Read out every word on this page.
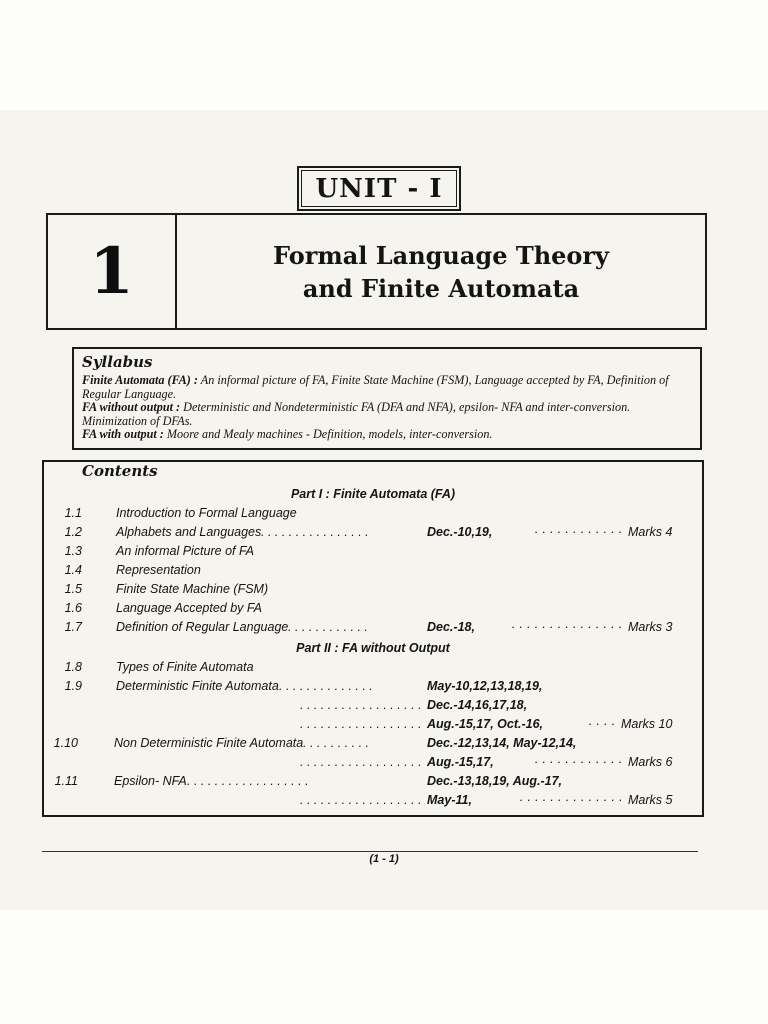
UNIT - I
1	Formal Language Theory
and Finite Automata
Syllabus
Finite Automata (FA) : An informal picture of FA, Finite State Machine (FSM), Language accepted by FA, Definition of Regular Language.
FA without output : Deterministic and Nondeterministic FA (DFA and NFA), epsilon- NFA and inter-conversion. Minimization of DFAs.
FA with output : Moore and Mealy machines - Definition, models, inter-conversion.
Contents
Part I : Finite Automata (FA)
1.1	Introduction to Formal Language
1.2	Alphabets and Languages . . . . . . . . . . . . . . . .	Dec.-10,19,	· · · · · · · · · · · · Marks 4
1.3	An informal Picture of FA
1.4	Representation
1.5	Finite State Machine (FSM)
1.6	Language Accepted by FA
1.7	Definition of Regular Language . . . . . . . . . . . .	Dec.-18,	· · · · · · · · · · · · · · · Marks 3
Part II : FA without Output
1.8	Types of Finite Automata
1.9	Deterministic Finite Automata . . . . . . . . . . . . . .	May-10,12,13,18,19,
. . . . . . . . . . . . . . . . . . Dec.-14,16,17,18,
. . . . . . . . . . . . . . . . . . Aug.-15,17, Oct.-16,	· · · · Marks 10
1.10	Non Deterministic Finite Automata . . . . . . . . . .	Dec.-12,13,14, May-12,14,
. . . . . . . . . . . . . . . . . . Aug.-15,17,	· · · · · · · · · · · · Marks 6
1.11	Epsilon- NFA . . . . . . . . . . . . . . . . . .	Dec.-13,18,19, Aug.-17,
. . . . . . . . . . . . . . . . . . May-11,	· · · · · · · · · · · · · · Marks 5
(1 - 1)
